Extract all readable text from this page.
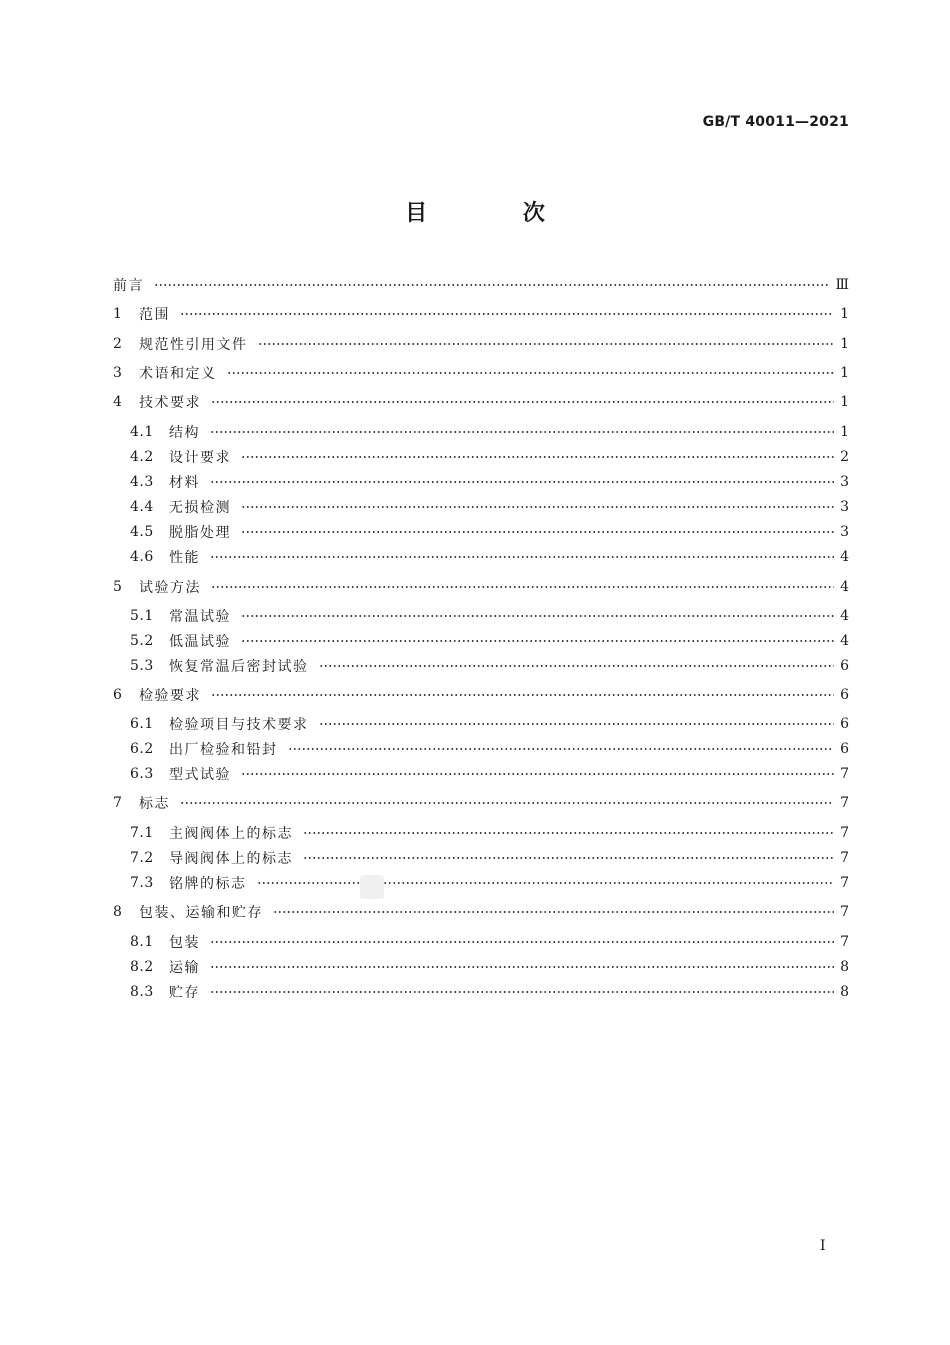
GB/T 40011—2021
目 次
前言	Ⅲ
1	范围	1
2	规范性引用文件	1
3	术语和定义	1
4	技术要求	1
4.1	结构	1
4.2	设计要求	2
4.3	材料	3
4.4	无损检测	3
4.5	脱脂处理	3
4.6	性能	4
5	试验方法	4
5.1	常温试验	4
5.2	低温试验	4
5.3	恢复常温后密封试验	6
6	检验要求	6
6.1	检验项目与技术要求	6
6.2	出厂检验和铅封	6
6.3	型式试验	7
7	标志	7
7.1	主阀阀体上的标志	7
7.2	导阀阀体上的标志	7
7.3	铭牌的标志	7
8	包装、运输和贮存	7
8.1	包装	7
8.2	运输	8
8.3	贮存	8
I
